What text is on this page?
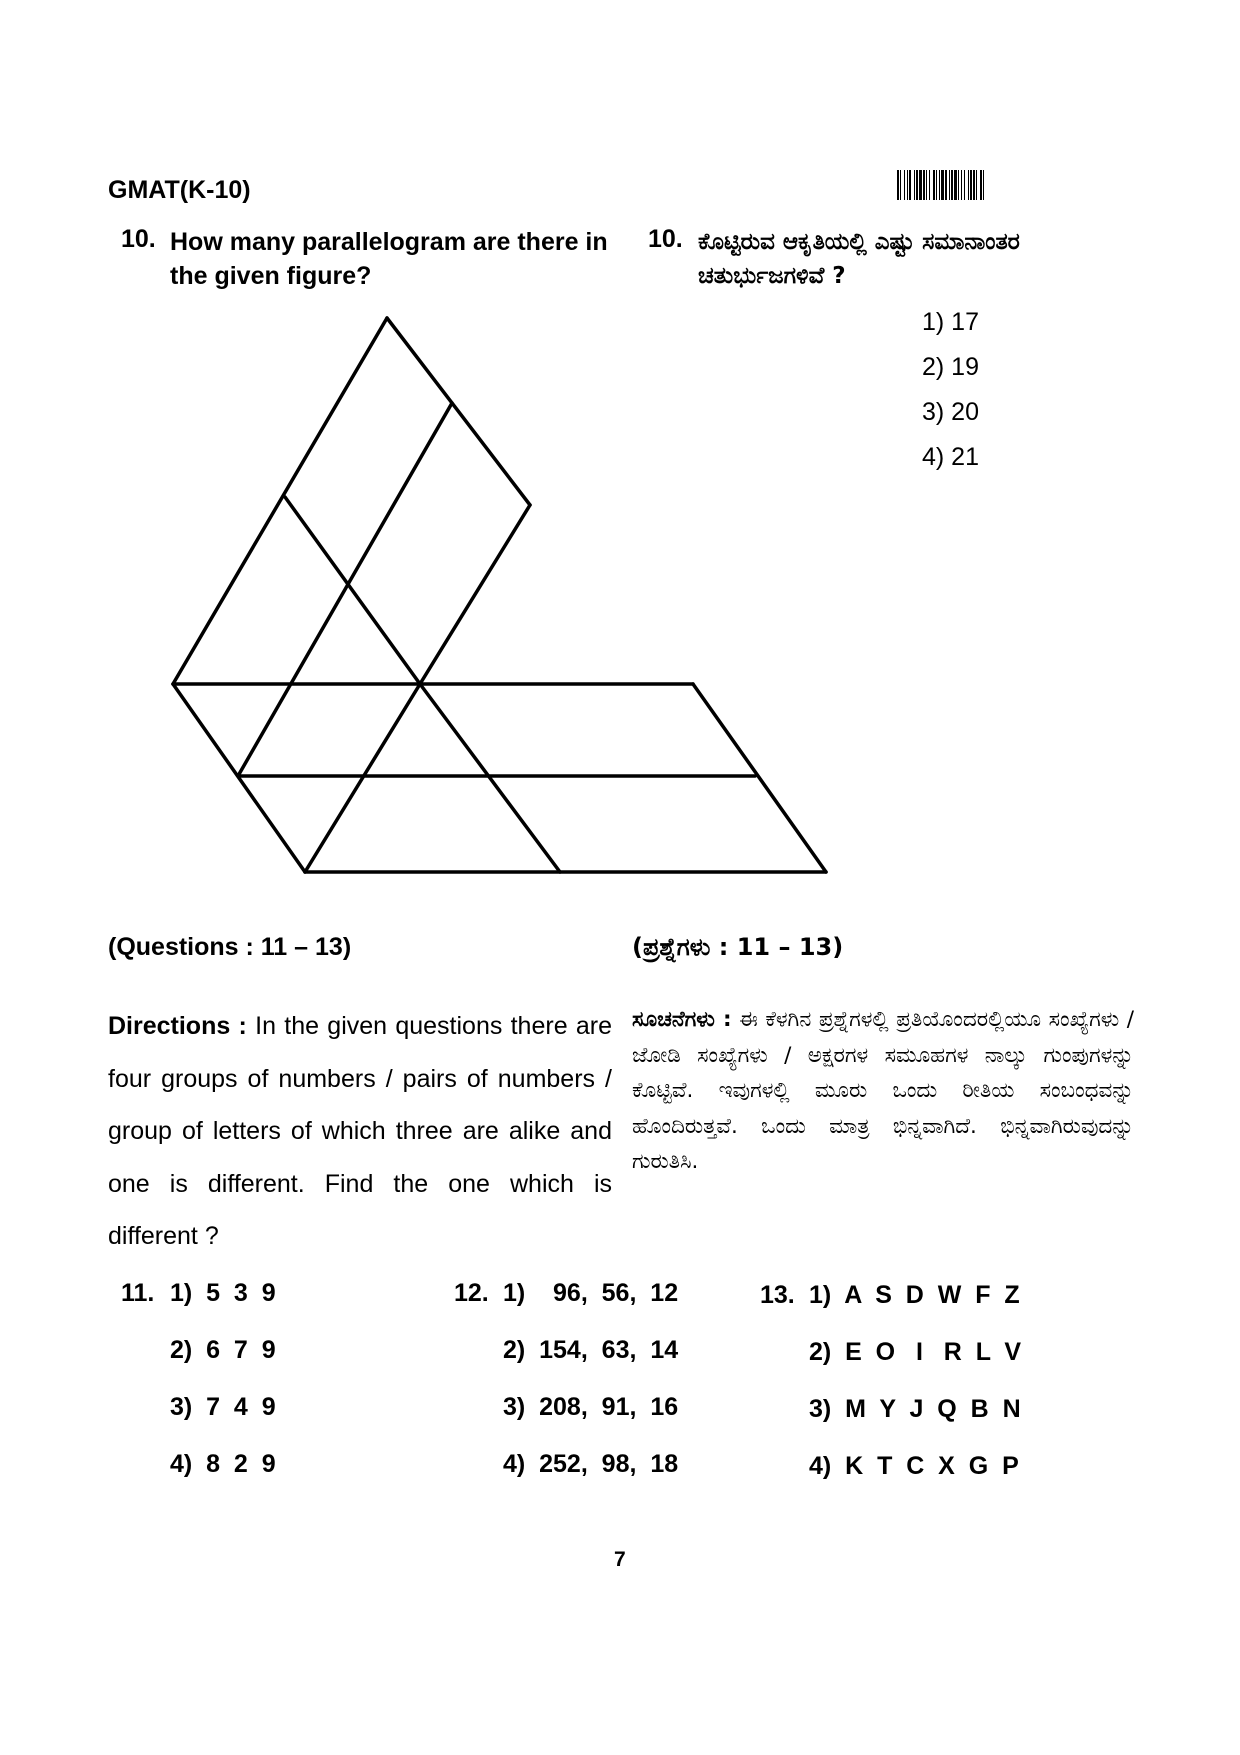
GMAT(K-10)
10. How many parallelogram are there in the given figure?
10. ಕೊಟ್ಟಿರುವ ಆಕೃತಿಯಲ್ಲಿ ಎಷ್ಟು ಸಮಾನಾಂತರ ಚತುರ್ಭುಜಗಳಿವೆ ?
1) 17
2) 19
3) 20
4) 21
(Questions : 11 – 13)	(ಪ್ರಶ್ನೆಗಳು : 11 – 13)
Directions : In the given questions there are four groups of numbers / pairs of numbers / group of letters of which three are alike and one is different. Find the one which is different ?
ಸೂಚನೆಗಳು : ಈ ಕೆಳಗಿನ ಪ್ರಶ್ನೆಗಳಲ್ಲಿ ಪ್ರತಿಯೊಂದರಲ್ಲಿಯೂ ಸಂಖ್ಯೆಗಳು / ಜೋಡಿ ಸಂಖ್ಯೆಗಳು / ಅಕ್ಷರಗಳ ಸಮೂಹಗಳ ನಾಲ್ಕು ಗುಂಪುಗಳನ್ನು ಕೊಟ್ಟಿವೆ. ಇವುಗಳಲ್ಲಿ ಮೂರು ಒಂದು ರೀತಿಯ ಸಂಬಂಧವನ್ನು ಹೊಂದಿರುತ್ತವೆ. ಒಂದು ಮಾತ್ರ ಭಿನ್ನವಾಗಿದೆ. ಭಿನ್ನವಾಗಿರುವುದನ್ನು ಗುರುತಿಸಿ.
11. 1)  5  3  9
2)  6  7  9
3)  7  4  9
4)  8  2  9
12. 1)    96,  56,  12
2)  154,  63,  14
3)  208,  91,  16
4)  252,  98,  18
13. 1)  A  S  D  W  F  Z
2)  E  O   I   R  L  V
3)  M  Y  J  Q  B  N
4)  K  T  C  X  G  P
7
